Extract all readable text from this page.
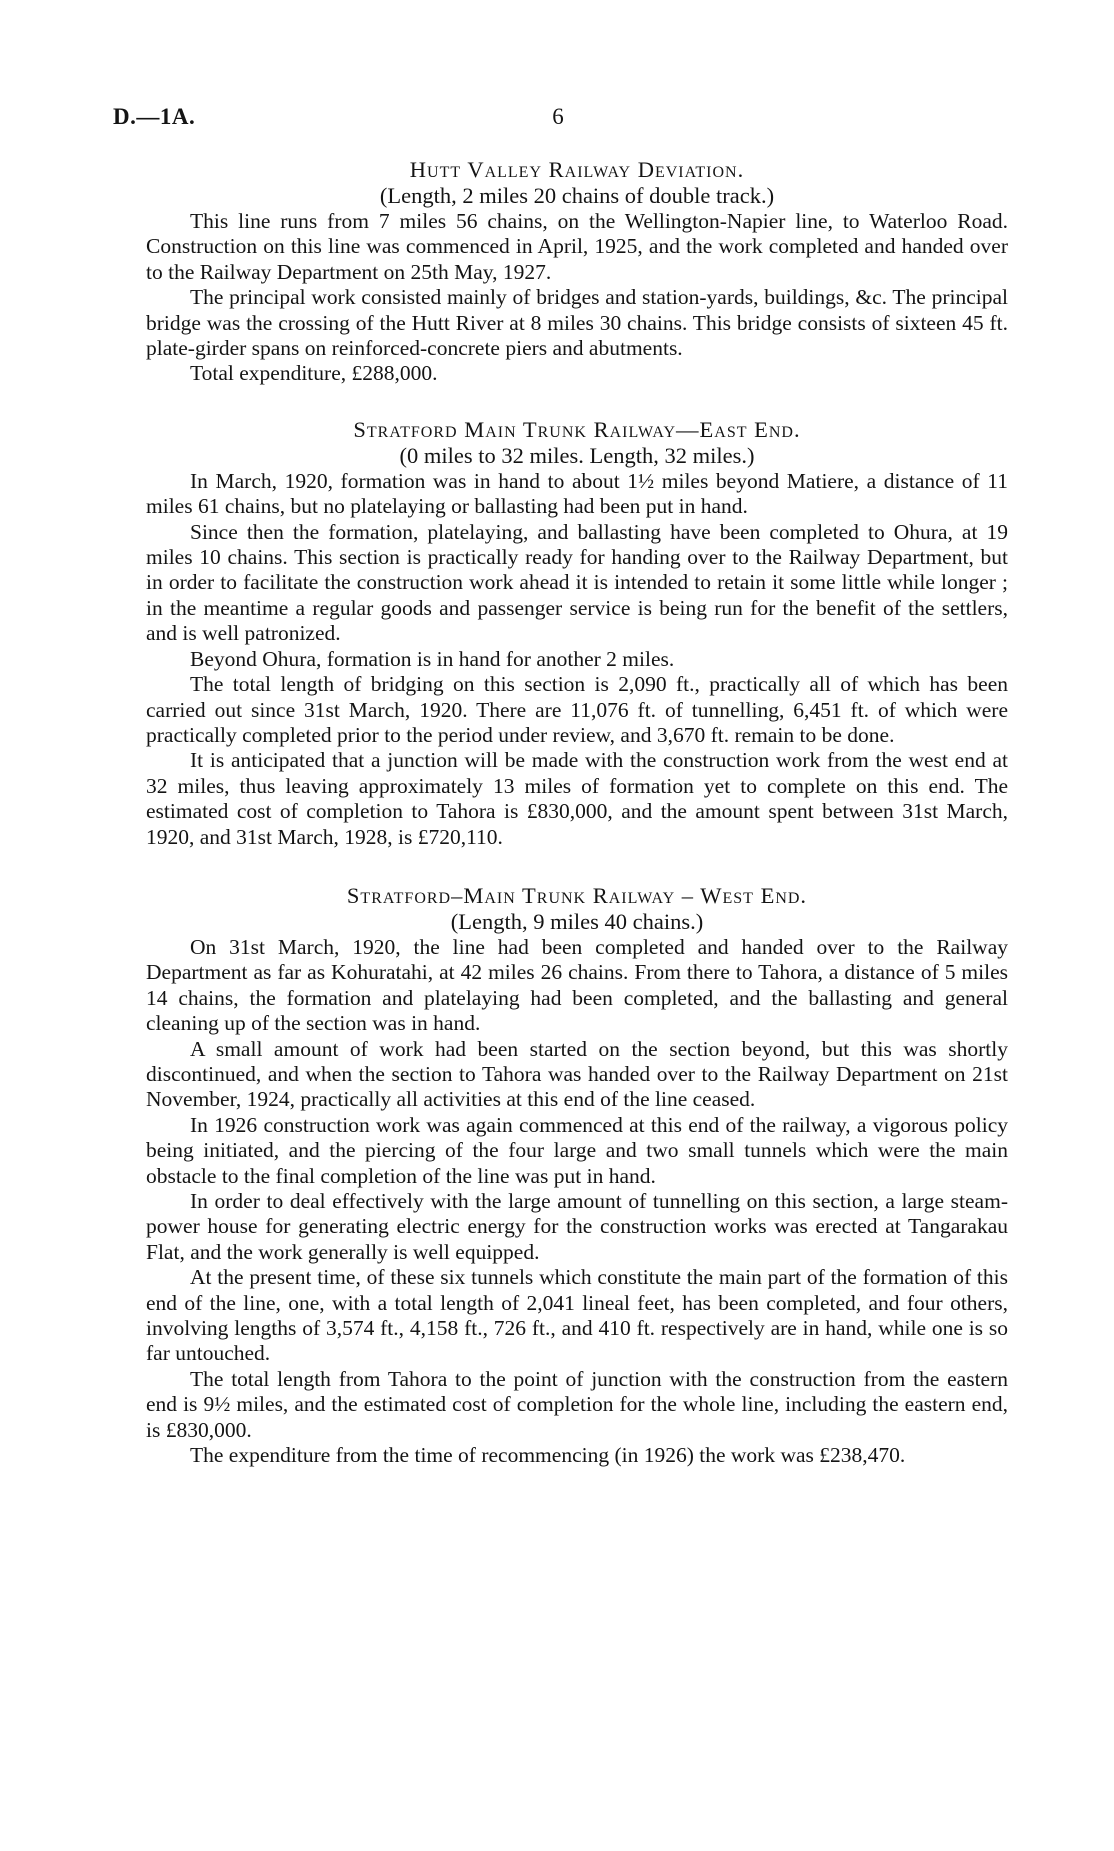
D.—1A.	6

Hutt Valley Railway Deviation.

(Length, 2 miles 20 chains of double track.)

This line runs from 7 miles 56 chains, on the Wellington-Napier line, to Waterloo Road. Construction on this line was commenced in April, 1925, and the work completed and handed over to the Railway Department on 25th May, 1927.

The principal work consisted mainly of bridges and station-yards, buildings, &c. The principal bridge was the crossing of the Hutt River at 8 miles 30 chains. This bridge consists of sixteen 45 ft. plate-girder spans on reinforced-concrete piers and abutments.

Total expenditure, £288,000.

Stratford Main Trunk Railway—East End.

(0 miles to 32 miles. Length, 32 miles.)

In March, 1920, formation was in hand to about 1½ miles beyond Matiere, a distance of 11 miles 61 chains, but no platelaying or ballasting had been put in hand.

Since then the formation, platelaying, and ballasting have been completed to Ohura, at 19 miles 10 chains. This section is practically ready for handing over to the Railway Department, but in order to facilitate the construction work ahead it is intended to retain it some little while longer ; in the meantime a regular goods and passenger service is being run for the benefit of the settlers, and is well patronized.

Beyond Ohura, formation is in hand for another 2 miles.

The total length of bridging on this section is 2,090 ft., practically all of which has been carried out since 31st March, 1920. There are 11,076 ft. of tunnelling, 6,451 ft. of which were practically completed prior to the period under review, and 3,670 ft. remain to be done.

It is anticipated that a junction will be made with the construction work from the west end at 32 miles, thus leaving approximately 13 miles of formation yet to complete on this end. The estimated cost of completion to Tahora is £830,000, and the amount spent between 31st March, 1920, and 31st March, 1928, is £720,110.

Stratford–Main Trunk Railway – West End.

(Length, 9 miles 40 chains.)

On 31st March, 1920, the line had been completed and handed over to the Railway Department as far as Kohuratahi, at 42 miles 26 chains. From there to Tahora, a distance of 5 miles 14 chains, the formation and platelaying had been completed, and the ballasting and general cleaning up of the section was in hand.

A small amount of work had been started on the section beyond, but this was shortly discontinued, and when the section to Tahora was handed over to the Railway Department on 21st November, 1924, practically all activities at this end of the line ceased.

In 1926 construction work was again commenced at this end of the railway, a vigorous policy being initiated, and the piercing of the four large and two small tunnels which were the main obstacle to the final completion of the line was put in hand.

In order to deal effectively with the large amount of tunnelling on this section, a large steam-power house for generating electric energy for the construction works was erected at Tangarakau Flat, and the work generally is well equipped.

At the present time, of these six tunnels which constitute the main part of the formation of this end of the line, one, with a total length of 2,041 lineal feet, has been completed, and four others, involving lengths of 3,574 ft., 4,158 ft., 726 ft., and 410 ft. respectively are in hand, while one is so far untouched.

The total length from Tahora to the point of junction with the construction from the eastern end is 9½ miles, and the estimated cost of completion for the whole line, including the eastern end, is £830,000.

The expenditure from the time of recommencing (in 1926) the work was £238,470.
